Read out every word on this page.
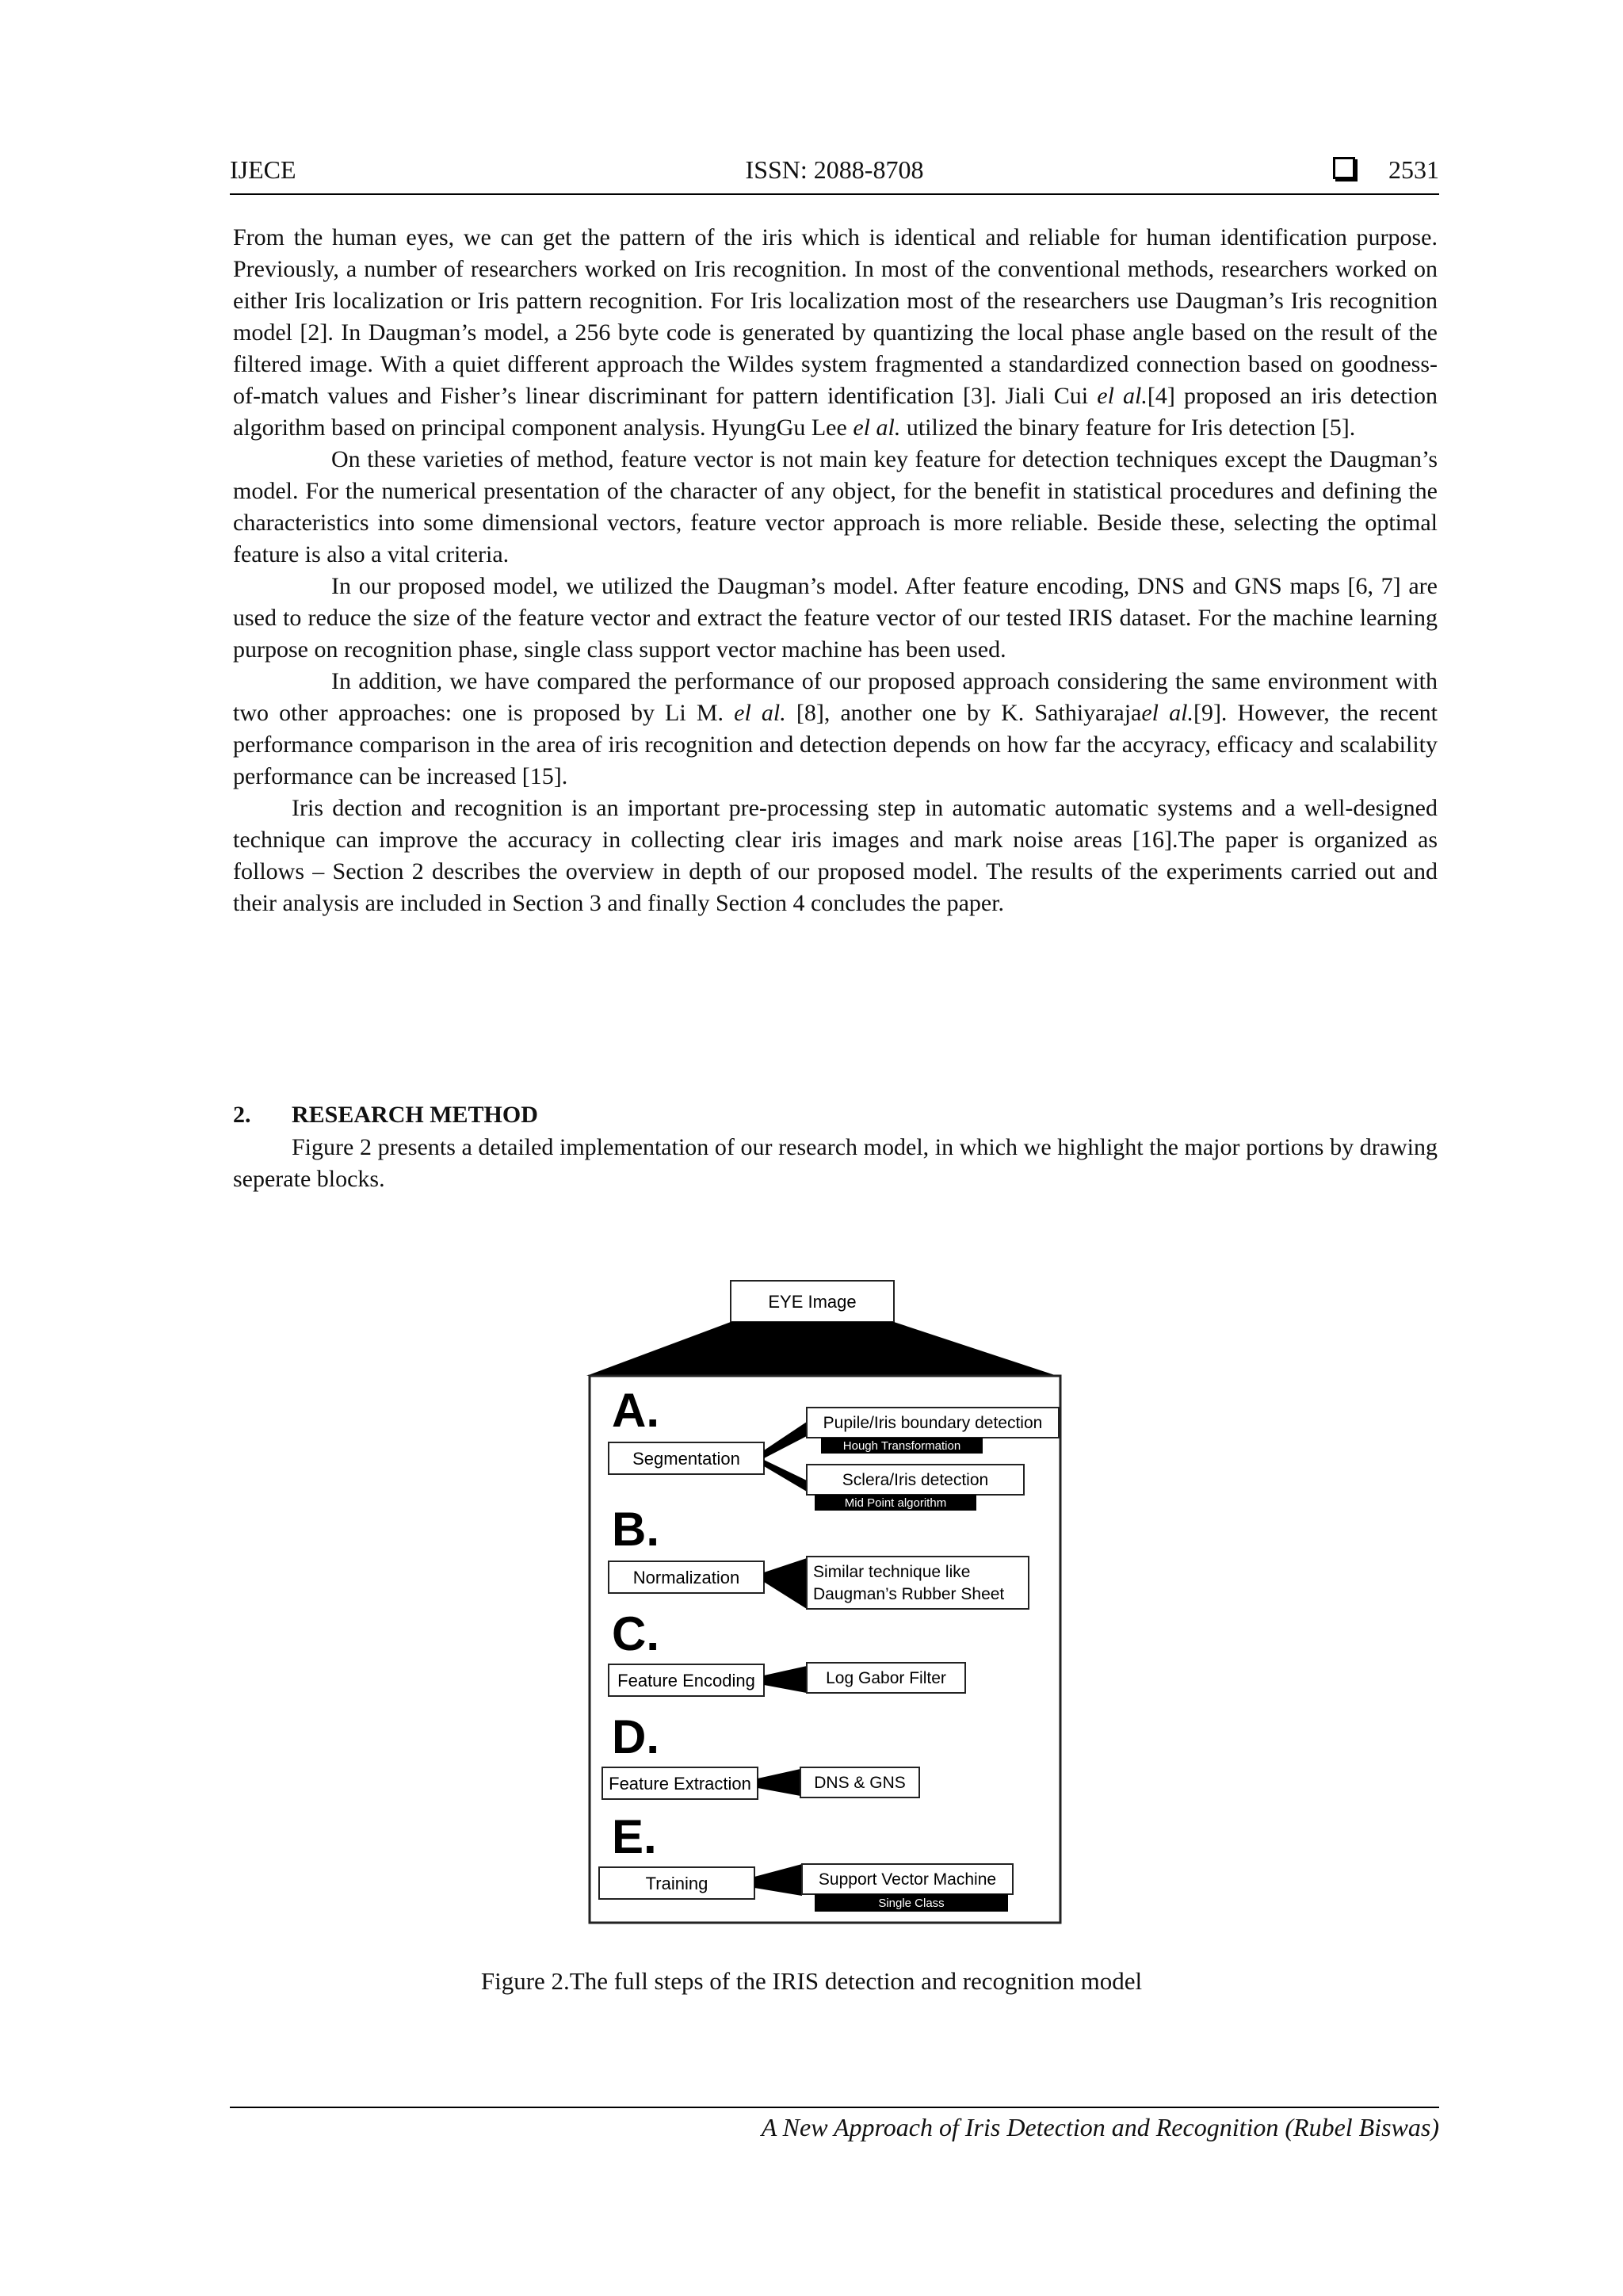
IJECE	ISSN: 2088-8708	2531

From the human eyes, we can get the pattern of the iris which is identical and reliable for human identification purpose. Previously, a number of researchers worked on Iris recognition. In most of the conventional methods, researchers worked on either Iris localization or Iris pattern recognition. For Iris localization most of the researchers use Daugman’s Iris recognition model [2]. In Daugman’s model, a 256 byte code is generated by quantizing the local phase angle based on the result of the filtered image. With a quiet different approach the Wildes system fragmented a standardized connection based on goodness-of-match values and Fisher’s linear discriminant for pattern identification [3]. Jiali Cui el al.[4] proposed an iris detection algorithm based on principal component analysis. HyungGu Lee el al. utilized the binary feature for Iris detection [5].

On these varieties of method, feature vector is not main key feature for detection techniques except the Daugman’s model. For the numerical presentation of the character of any object, for the benefit in statistical procedures and defining the characteristics into some dimensional vectors, feature vector approach is more reliable. Beside these, selecting the optimal feature is also a vital criteria.

In our proposed model, we utilized the Daugman’s model. After feature encoding, DNS and GNS maps [6, 7] are used to reduce the size of the feature vector and extract the feature vector of our tested IRIS dataset. For the machine learning purpose on recognition phase, single class support vector machine has been used.

In addition, we have compared the performance of our proposed approach considering the same environment with two other approaches: one is proposed by Li M. el al. [8], another one by K. Sathiyarajael al.[9]. However, the recent performance comparison in the area of iris recognition and detection depends on how far the accyracy, efficacy and scalability performance can be increased [15].

Iris dection and recognition is an important pre-processing step in automatic automatic systems and a well-designed technique can improve the accuracy in collecting clear iris images and mark noise areas [16].The paper is organized as follows – Section 2 describes the overview in depth of our proposed model. The results of the experiments carried out and their analysis are included in Section 3 and finally Section 4 concludes the paper.

2. RESEARCH METHOD

Figure 2 presents a detailed implementation of our research model, in which we highlight the major portions by drawing seperate blocks.

EYE Image
A.
Segmentation
Pupile/Iris boundary detection
Hough Transformation
Sclera/Iris detection
Mid Point algorithm
B.
Normalization	Similar technique like
Daugman’s Rubber Sheet
C.
Feature Encoding	Log Gabor Filter
D.
Feature Extraction	DNS & GNS
E.
Training	Support Vector Machine
Single Class
Figure 2.The full steps of the IRIS detection and recognition model
A New Approach of Iris Detection and Recognition (Rubel Biswas)
